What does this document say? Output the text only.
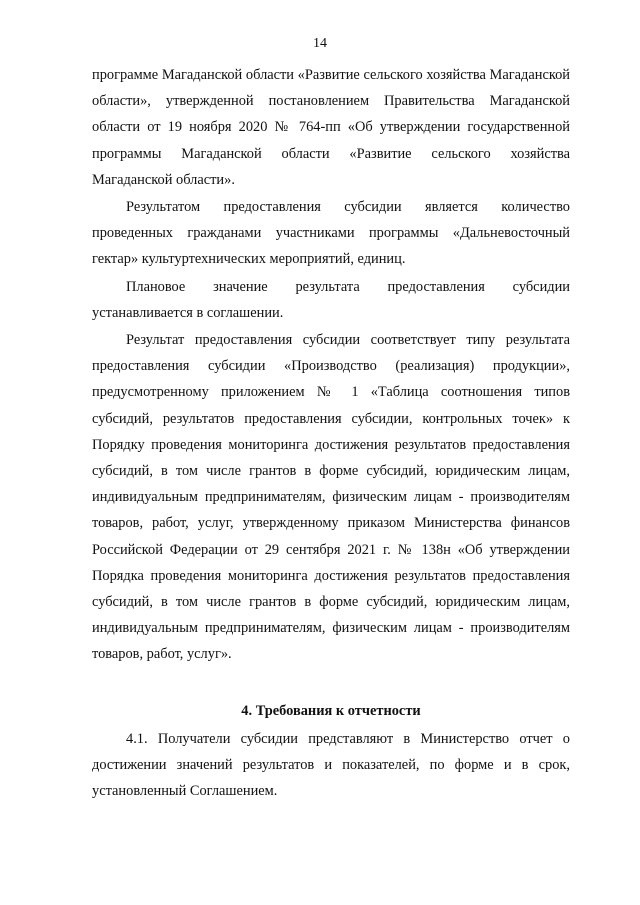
14

программе Магаданской области «Развитие сельского хозяйства Магаданской области», утвержденной постановлением Правительства Магаданской области от 19 ноября 2020 № 764-пп «Об утверждении государственной программы Магаданской области «Развитие сельского хозяйства Магаданской области».

Результатом предоставления субсидии является количество проведенных гражданами участниками программы «Дальневосточный гектар» культуртехнических мероприятий, единиц.

Плановое значение результата предоставления субсидии устанавливается в соглашении.

Результат предоставления субсидии соответствует типу результата предоставления субсидии «Производство (реализация) продукции», предусмотренному приложением № 1 «Таблица соотношения типов субсидий, результатов предоставления субсидии, контрольных точек» к Порядку проведения мониторинга достижения результатов предоставления субсидий, в том числе грантов в форме субсидий, юридическим лицам, индивидуальным предпринимателям, физическим лицам - производителям товаров, работ, услуг, утвержденному приказом Министерства финансов Российской Федерации от 29 сентября 2021 г. № 138н «Об утверждении Порядка проведения мониторинга достижения результатов предоставления субсидий, в том числе грантов в форме субсидий, юридическим лицам, индивидуальным предпринимателям, физическим лицам - производителям товаров, работ, услуг».

4. Требования к отчетности

4.1. Получатели субсидии представляют в Министерство отчет о достижении значений результатов и показателей, по форме и в срок, установленный Соглашением.
